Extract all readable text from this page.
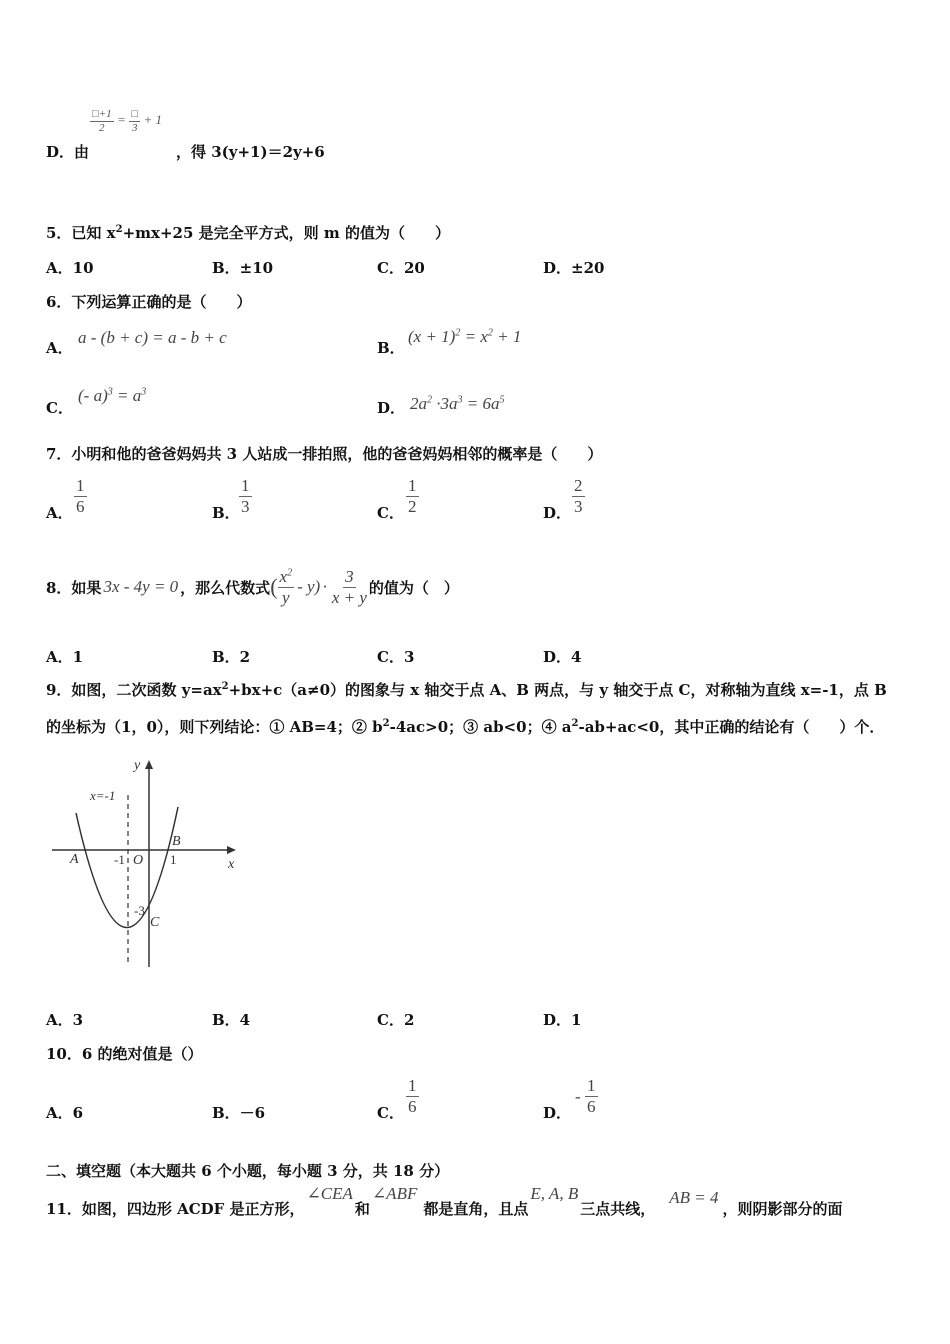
$\frac{□+1}{2} = \frac{□}{3} + 1$
D．由	，得 3(y+1)＝2y+6
5．已知 $x^2+mx+25$ 是完全平方式，则 m 的值为（　　）
A．10	B．±10	C．20	D．±20
6．下列运算正确的是（　　）
A．
a - (b + c) = a - b + c
B．
$(x + 1)^2 = x^2 + 1$
C．
(- $a)^3 = a^3$
D． $2a^2 \cdot 3a^3 = 6a^5$
7．小明和他的爸爸妈妈共 3 人站成一排拍照，他的爸爸妈妈相邻的概率是（　　）
A． $\frac{1}{6}$	B． $\frac{1}{3}$	C． $\frac{1}{2}$	D． $\frac{2}{3}$
8．如果 3x - 4y = 0 ，那么代数式 ( $\frac{x^2}{y} - y) \cdot \frac{3}{x + y}$ 的值为（　）
A．1	B．2	C．3	D．4
9．如图，二次函数 $y=ax^2+bx+c(a\ne 0)$的图象与 x 轴交于点 A、B 两点，与 y 轴交于点 C，对称轴为直线 x=-1，点 B
的坐标为（1，0），则下列结论：① AB=4；② $b^2-4ac>0$；③ ab<0；④ $a^2-ab+ac<0$，其中正确的结论有（　　）个．
y
x
x=-1
A
B
C
O
-1	1
-3
A．3	B．4	C．2	D．1
10．6 的绝对值是（）
A．6	B．－6	C． $\frac{1}{6}$	D．
- $\frac{1}{6}$
二、填空题（本大题共 6 个小题，每小题 3 分，共 18 分）
11．如图，四边形 ACDF 是正方形，
∠CEA
和
∠ABF
都是直角，且点
E, A, B
三点共线，
AB = 4
，则阴影部分的面
